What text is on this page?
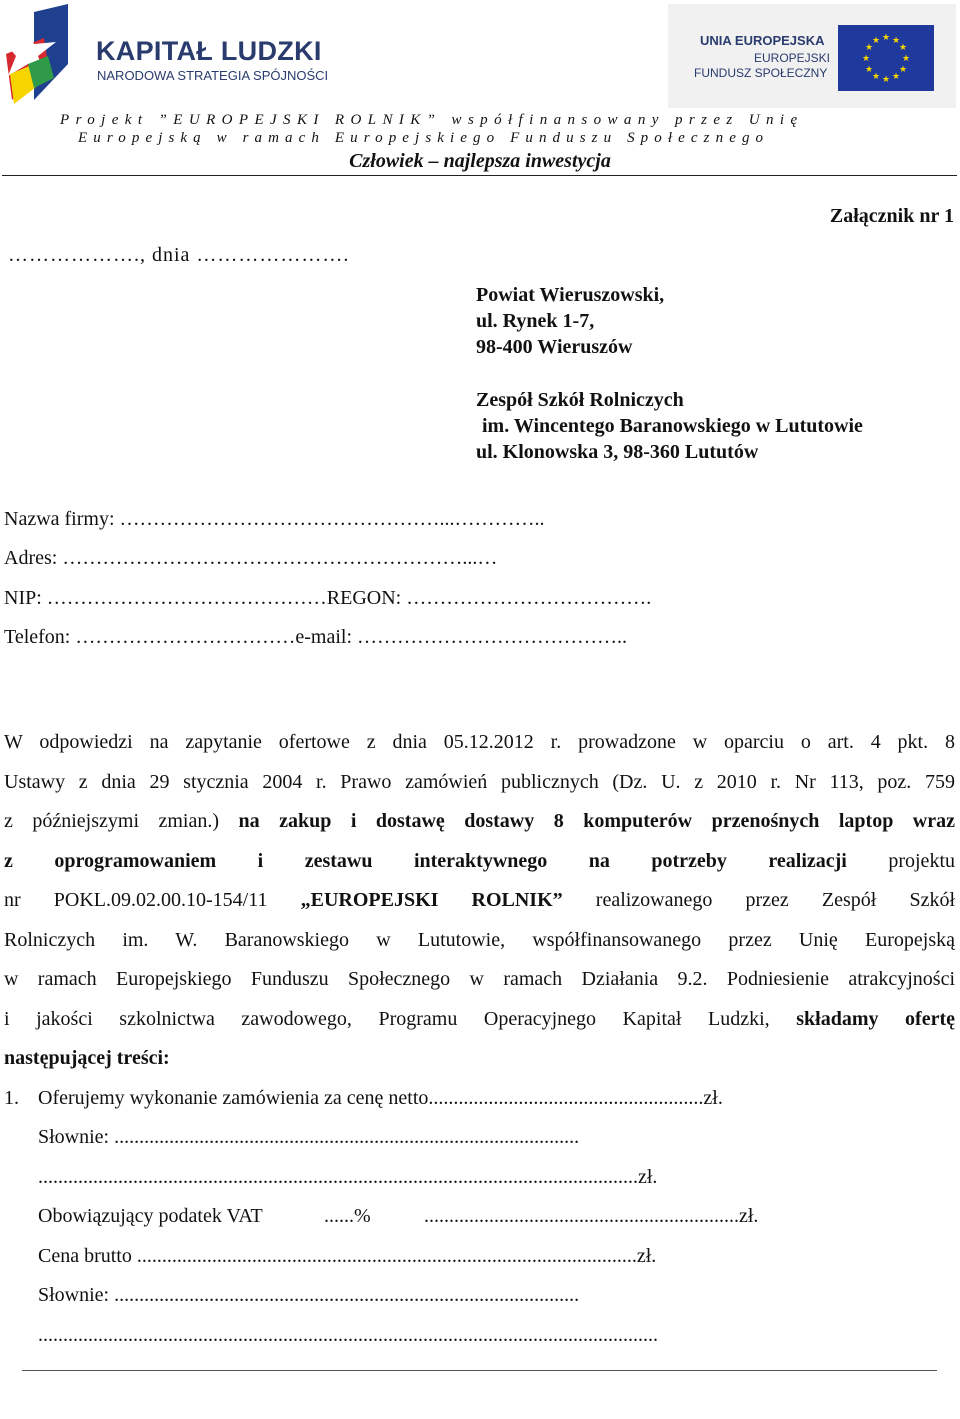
KAPITAŁ LUDZKI
NARODOWA STRATEGIA SPÓJNOŚCI
UNIA EUROPEJSKA
EUROPEJSKI
FUNDUSZ SPOŁECZNY
★ ★
★
★
★
★
★
★
★
★
★
★
Projekt ”EUROPEJSKI ROLNIK” współfinansowany przez Unię
Europejską w ramach Europejskiego Funduszu Społecznego
Człowiek – najlepsza inwestycja
Załącznik nr 1
………………., dnia ………………….
Powiat Wieruszowski,
ul. Rynek 1-7,
98-400 Wieruszów
Zespół Szkół Rolniczych
im. Wincentego Baranowskiego w Lututowie
ul. Klonowska 3, 98-360 Lututów
Nazwa firmy: …………………………………………...…………..
Adres: ……………………………………………………...…
NIP: ……………………………………REGON: ……………………………….
Telefon: ……………………………e-mail: …………………………………..
W odpowiedzi na zapytanie ofertowe z dnia 05.12.2012 r. prowadzone w oparciu o art. 4 pkt. 8
Ustawy z dnia 29 stycznia 2004 r. Prawo zamówień publicznych (Dz. U. z 2010 r. Nr 113, poz. 759
z późniejszymi zmian.) na zakup i dostawę dostawy 8 komputerów przenośnych laptop wraz
z oprogramowaniem i zestawu interaktywnego na potrzeby realizacji projektu
nr POKL.09.02.00.10-154/11 „EUROPEJSKI ROLNIK” realizowanego przez Zespół Szkół
Rolniczych im. W. Baranowskiego w Lututowie, współfinansowanego przez Unię Europejską
w ramach Europejskiego Funduszu Społecznego w ramach Działania 9.2. Podniesienie atrakcyjności
i jakości szkolnictwa zawodowego, Programu Operacyjnego Kapitał Ludzki, składamy ofertę
następującej treści:
1. Oferujemy wykonanie zamówienia za cenę netto.......................................................zł.
Słownie: .............................................................................................
........................................................................................................................zł.
Obowiązujący podatek VAT	......%	...............................................................zł.
Cena brutto ....................................................................................................zł.
Słownie: .............................................................................................
............................................................................................................................
